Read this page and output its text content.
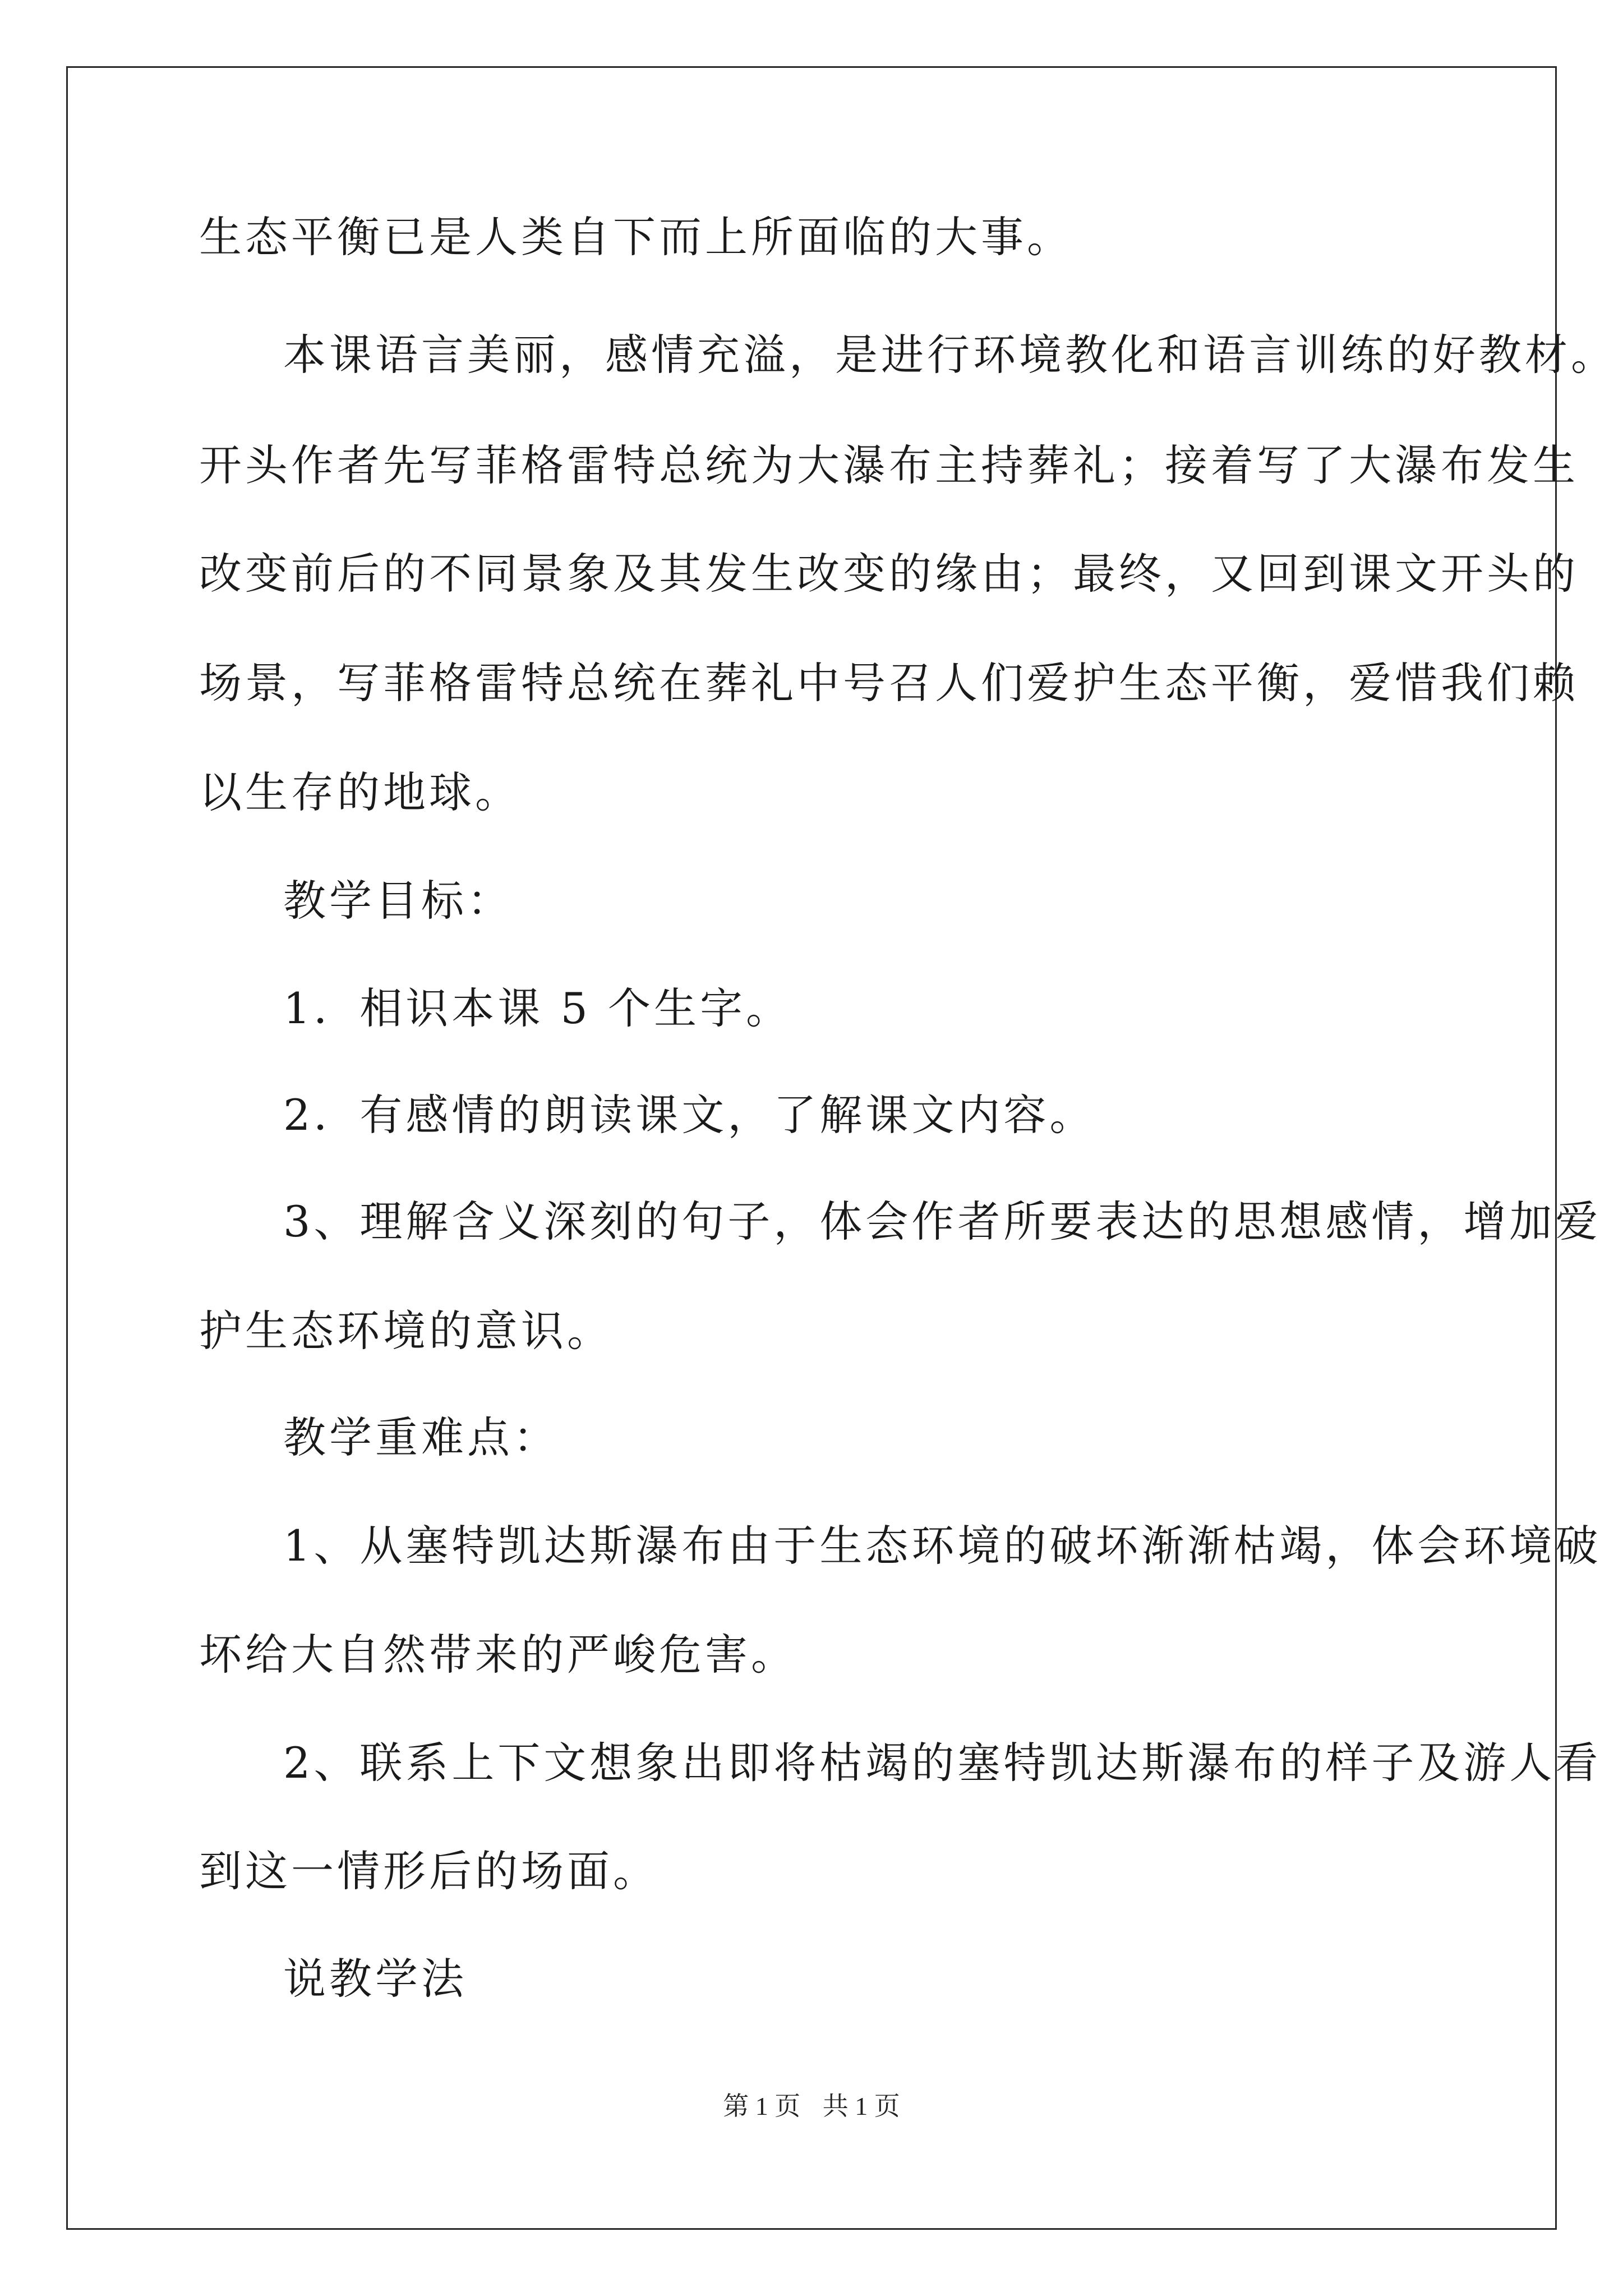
生态平衡已是人类自下而上所面临的大事。
本课语言美丽，感情充溢，是进行环境教化和语言训练的好教材。
开头作者先写菲格雷特总统为大瀑布主持葬礼；接着写了大瀑布发生
改变前后的不同景象及其发生改变的缘由；最终，又回到课文开头的
场景，写菲格雷特总统在葬礼中号召人们爱护生态平衡，爱惜我们赖
以生存的地球。
教学目标：
1．相识本课 5 个生字。
2．有感情的朗读课文，了解课文内容。
3、理解含义深刻的句子，体会作者所要表达的思想感情，增加爱
护生态环境的意识。
教学重难点：
1、从塞特凯达斯瀑布由于生态环境的破坏渐渐枯竭，体会环境破
坏给大自然带来的严峻危害。
2、联系上下文想象出即将枯竭的塞特凯达斯瀑布的样子及游人看
到这一情形后的场面。
说教学法
第 1 页 共 1 页
